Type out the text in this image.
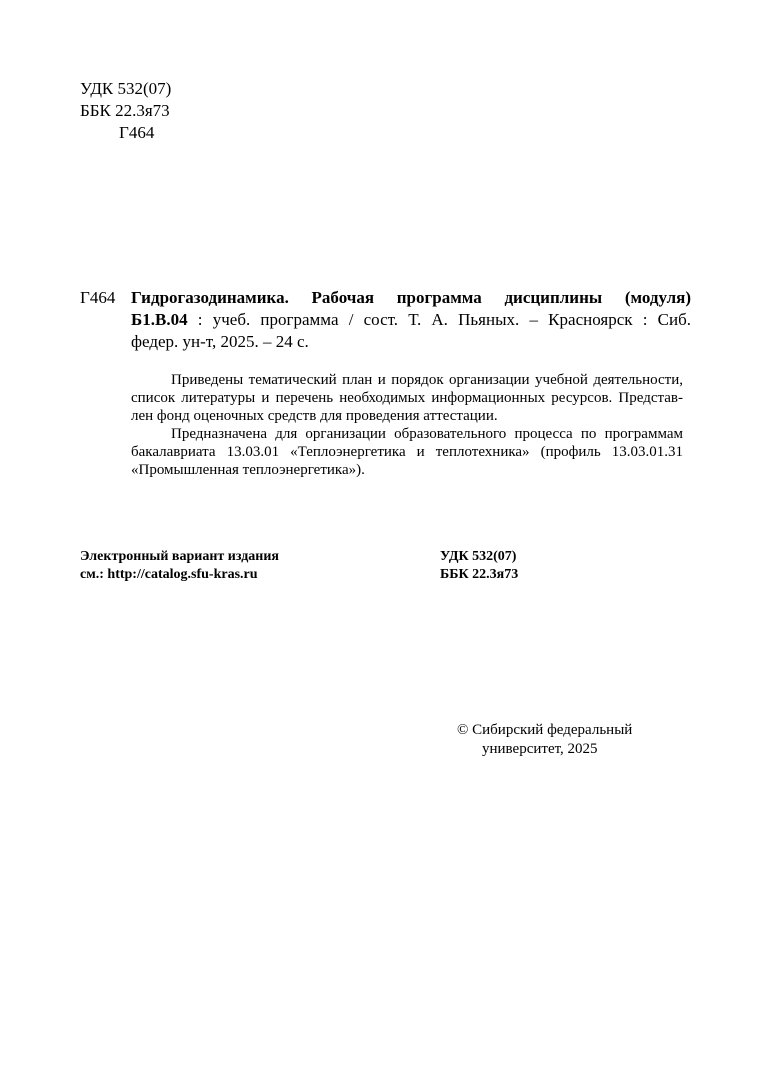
УДК 532(07)
ББК 22.3я73
Г464
Г464 Гидрогазодинамика. Рабочая программа дисциплины (модуля)
Б1.В.04 : учеб. программа / сост. Т. А. Пьяных. – Красноярск : Сиб.
федер. ун-т, 2025. – 24 с.
Приведены тематический план и порядок организации учебной деятельности,
список литературы и перечень необходимых информационных ресурсов. Представ-
лен фонд оценочных средств для проведения аттестации.
Предназначена для организации образовательного процесса по программам
бакалавриата 13.03.01 «Теплоэнергетика и теплотехника» (профиль 13.03.01.31
«Промышленная теплоэнергетика»).
Электронный вариант издания
см.: http://catalog.sfu-kras.ru
УДК 532(07)
ББК 22.3я73
© Сибирский федеральный
университет, 2025
